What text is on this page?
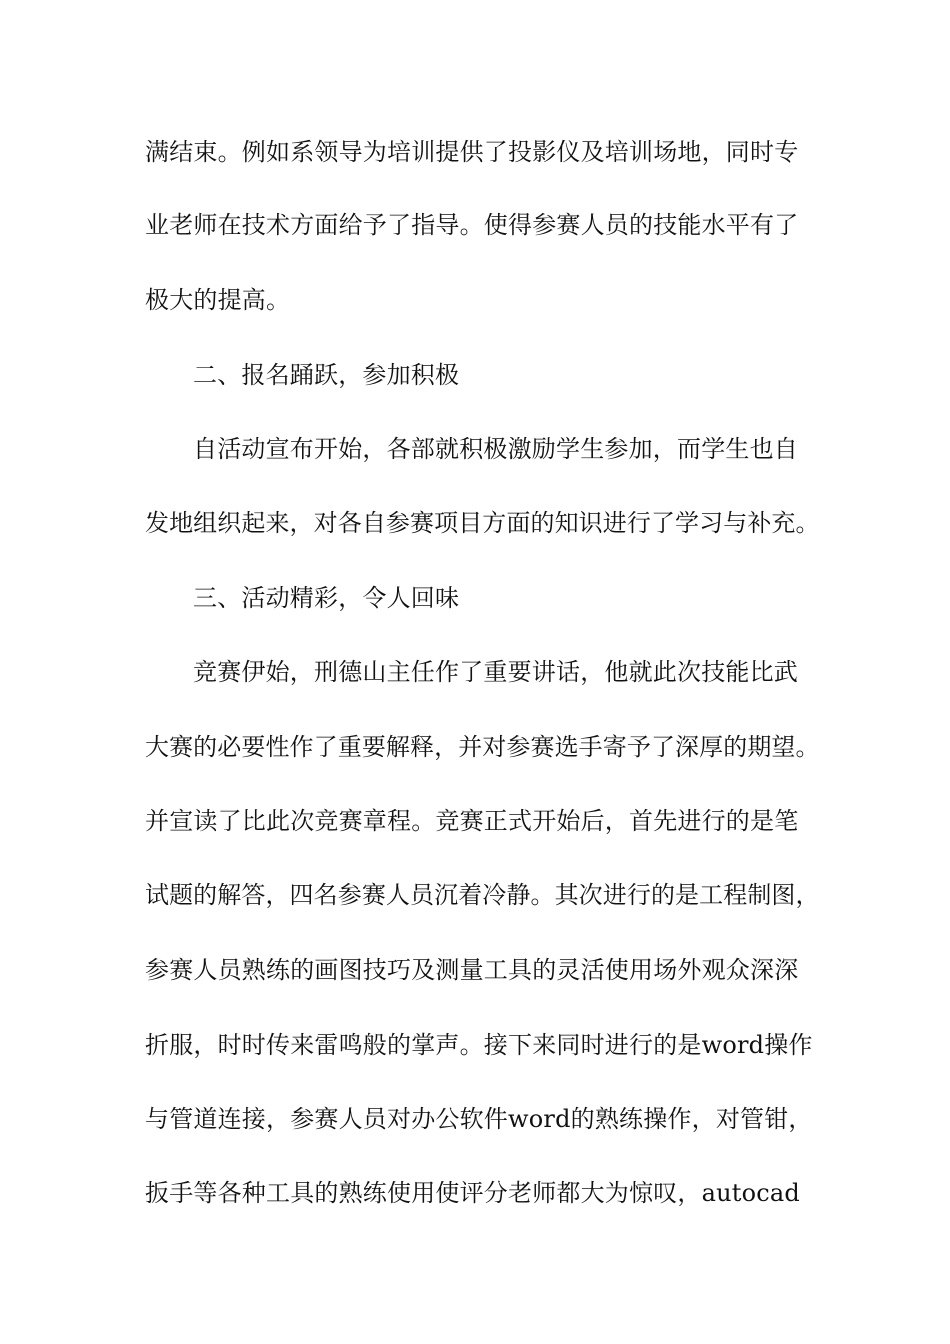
满结束。例如系领导为培训提供了投影仪及培训场地，同时专
业老师在技术方面给予了指导。使得参赛人员的技能水平有了
极大的提高。
二、报名踊跃，参加积极
自活动宣布开始，各部就积极激励学生参加，而学生也自
发地组织起来，对各自参赛项目方面的知识进行了学习与补充。
三、活动精彩，令人回味
竞赛伊始，刑德山主任作了重要讲话，他就此次技能比武
大赛的必要性作了重要解释，并对参赛选手寄予了深厚的期望。
并宣读了比此次竞赛章程。竞赛正式开始后，首先进行的是笔
试题的解答，四名参赛人员沉着冷静。其次进行的是工程制图，
参赛人员熟练的画图技巧及测量工具的灵活使用场外观众深深
折服，时时传来雷鸣般的掌声。接下来同时进行的是word操作
与管道连接，参赛人员对办公软件word的熟练操作，对管钳，
扳手等各种工具的熟练使用使评分老师都大为惊叹，autocad
